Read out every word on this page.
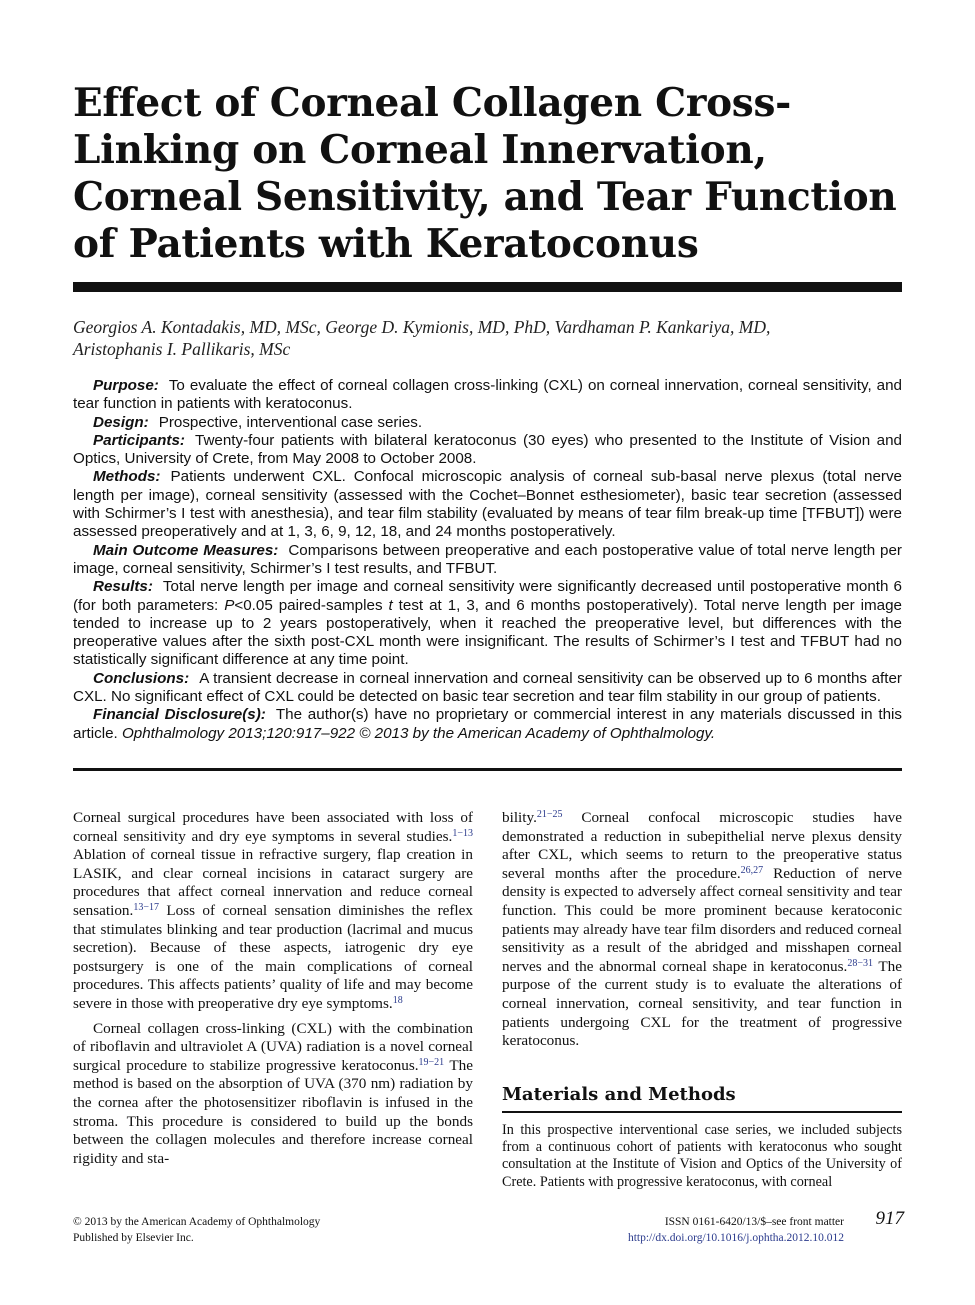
Effect of Corneal Collagen Cross-Linking on Corneal Innervation, Corneal Sensitivity, and Tear Function of Patients with Keratoconus
Georgios A. Kontadakis, MD, MSc, George D. Kymionis, MD, PhD, Vardhaman P. Kankariya, MD,
Aristophanis I. Pallikaris, MSc

Purpose: To evaluate the effect of corneal collagen cross-linking (CXL) on corneal innervation, corneal sensitivity, and tear function in patients with keratoconus.

Design: Prospective, interventional case series.

Participants: Twenty-four patients with bilateral keratoconus (30 eyes) who presented to the Institute of Vision and Optics, University of Crete, from May 2008 to October 2008.

Methods: Patients underwent CXL. Confocal microscopic analysis of corneal sub-basal nerve plexus (total nerve length per image), corneal sensitivity (assessed with the Cochet–Bonnet esthesiometer), basic tear secretion (assessed with Schirmer’s I test with anesthesia), and tear film stability (evaluated by means of tear film break-up time [TFBUT]) were assessed preoperatively and at 1, 3, 6, 9, 12, 18, and 24 months postoperatively.

Main Outcome Measures: Comparisons between preoperative and each postoperative value of total nerve length per image, corneal sensitivity, Schirmer’s I test results, and TFBUT.

Results: Total nerve length per image and corneal sensitivity were significantly decreased until postoperative month 6 (for both parameters: P<0.05 paired-samples t test at 1, 3, and 6 months postoperatively). Total nerve length per image tended to increase up to 2 years postoperatively, when it reached the preoperative level, but differences with the preoperative values after the sixth post-CXL month were insignificant. The results of Schirmer’s I test and TFBUT had no statistically significant difference at any time point.

Conclusions: A transient decrease in corneal innervation and corneal sensitivity can be observed up to 6 months after CXL. No significant effect of CXL could be detected on basic tear secretion and tear film stability in our group of patients.

Financial Disclosure(s): The author(s) have no proprietary or commercial interest in any materials discussed in this article. Ophthalmology 2013;120:917–922 © 2013 by the American Academy of Ophthalmology.

Corneal surgical procedures have been associated with loss of corneal sensitivity and dry eye symptoms in several studies.$^{1-13}$ Ablation of corneal tissue in refractive surgery, flap creation in LASIK, and clear corneal incisions in cataract surgery are procedures that affect corneal innervation and reduce corneal sensation.$^{13-17}$ Loss of corneal sensation diminishes the reflex that stimulates blinking and tear production (lacrimal and mucus secretion). Because of these aspects, iatrogenic dry eye postsurgery is one of the main complications of corneal procedures. This affects patients’ quality of life and may become severe in those with preoperative dry eye symptoms.$^{18}$

Corneal collagen cross-linking (CXL) with the combination of riboflavin and ultraviolet A (UVA) radiation is a novel corneal surgical procedure to stabilize progressive keratoconus.$^{19-21}$ The method is based on the absorption of UVA (370 nm) radiation by the cornea after the photosensitizer riboflavin is infused in the stroma. This procedure is considered to build up the bonds between the collagen molecules and therefore increase corneal rigidity and sta-

bility.$^{21-25}$ Corneal confocal microscopic studies have demonstrated a reduction in subepithelial nerve plexus density after CXL, which seems to return to the preoperative status several months after the procedure.$^{26,27}$ Reduction of nerve density is expected to adversely affect corneal sensitivity and tear function. This could be more prominent because keratoconic patients may already have tear film disorders and reduced corneal sensitivity as a result of the abridged and misshapen corneal nerves and the abnormal corneal shape in keratoconus.$^{28-31}$ The purpose of the current study is to evaluate the alterations of corneal innervation, corneal sensitivity, and tear function in patients undergoing CXL for the treatment of progressive keratoconus.

Materials and Methods

In this prospective interventional case series, we included subjects from a continuous cohort of patients with keratoconus who sought consultation at the Institute of Vision and Optics of the University of Crete. Patients with progressive keratoconus, with corneal

© 2013 by the American Academy of Ophthalmology
Published by Elsevier Inc.
ISSN 0161-6420/13/$–see front matter
http://dx.doi.org/10.1016/j.ophtha.2012.10.012
917
